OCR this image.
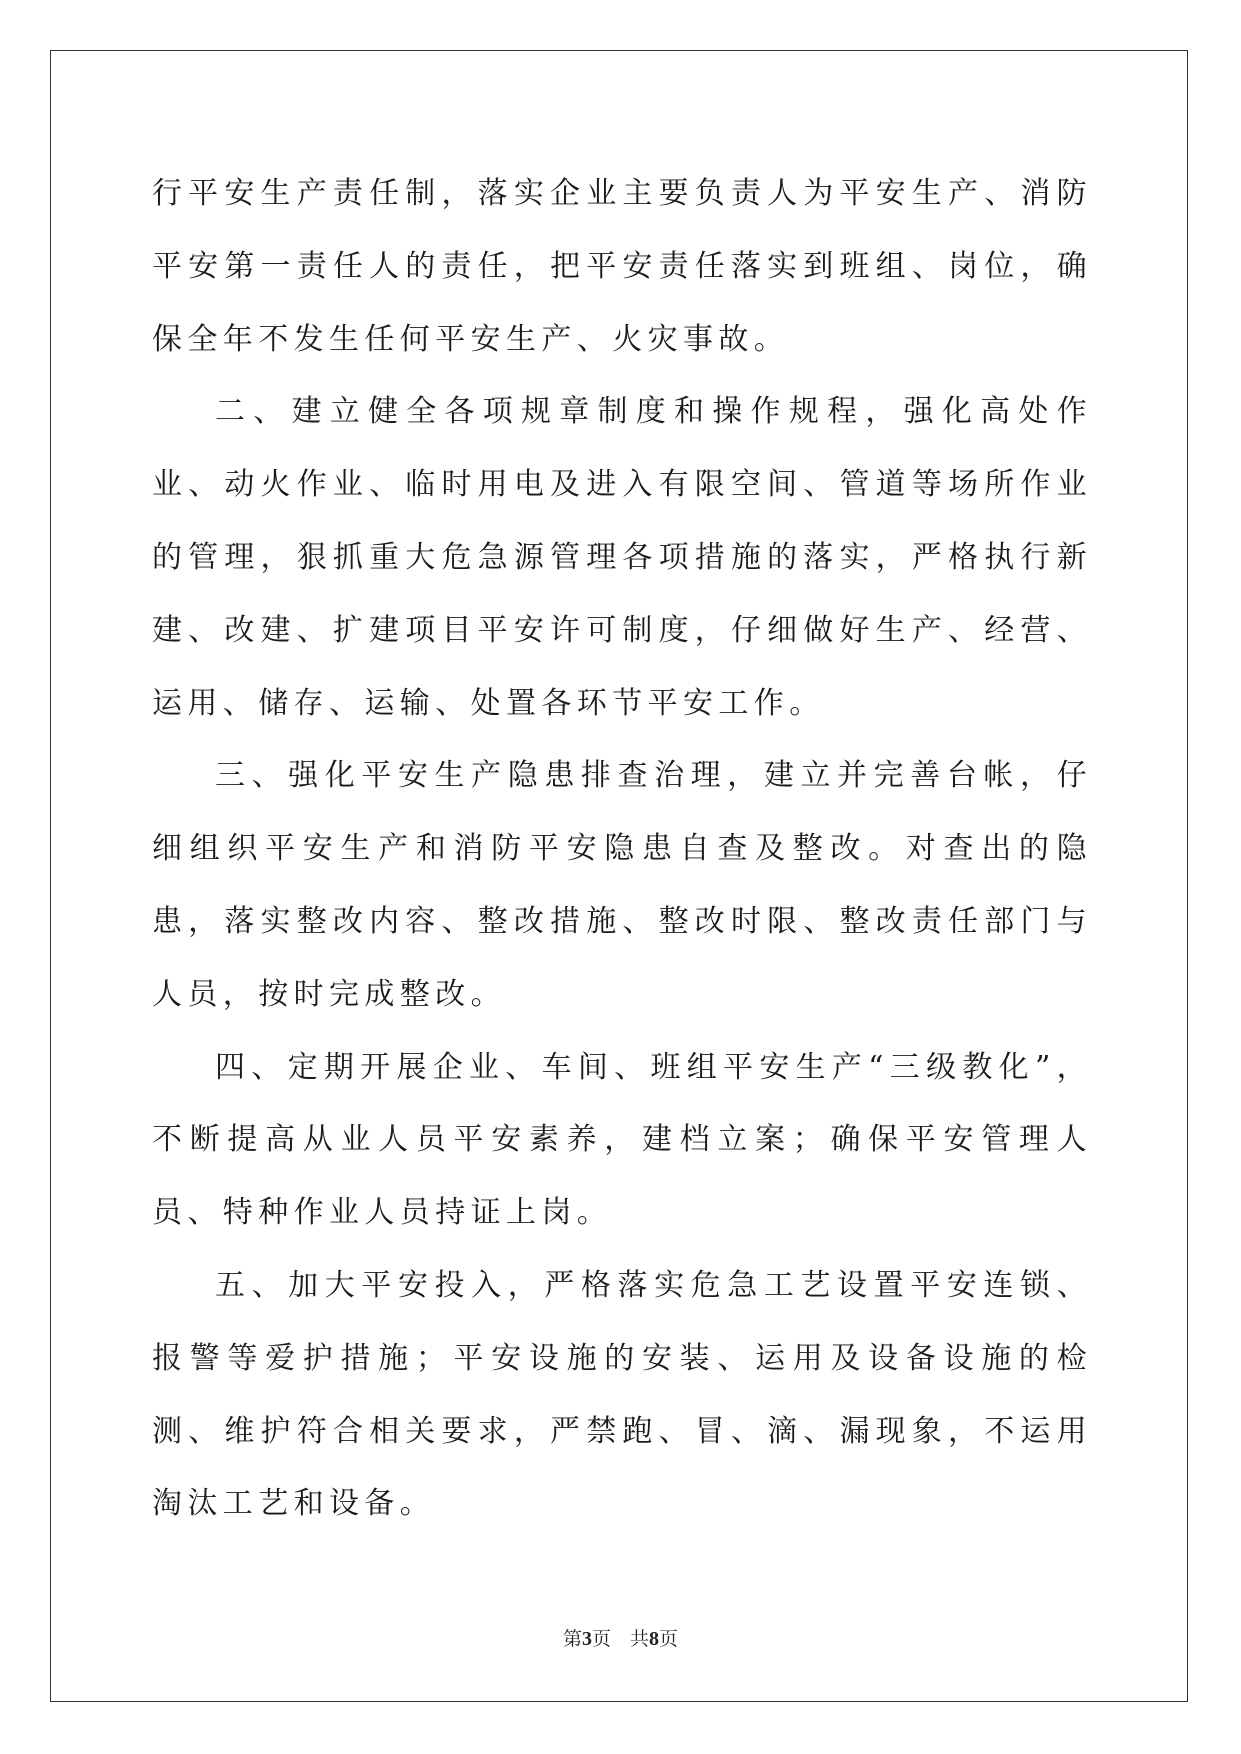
行平安生产责任制，落实企业主要负责人为平安生产、消防平安第一责任人的责任，把平安责任落实到班组、岗位，确保全年不发生任何平安生产、火灾事故。

二、建立健全各项规章制度和操作规程，强化高处作业、动火作业、临时用电及进入有限空间、管道等场所作业的管理，狠抓重大危急源管理各项措施的落实，严格执行新建、改建、扩建项目平安许可制度，仔细做好生产、经营、运用、储存、运输、处置各环节平安工作。

三、强化平安生产隐患排查治理，建立并完善台帐，仔细组织平安生产和消防平安隐患自查及整改。对查出的隐患，落实整改内容、整改措施、整改时限、整改责任部门与人员，按时完成整改。

四、定期开展企业、车间、班组平安生产“三级教化”，不断提高从业人员平安素养，建档立案；确保平安管理人员、特种作业人员持证上岗。

五、加大平安投入，严格落实危急工艺设置平安连锁、报警等爱护措施；平安设施的安装、运用及设备设施的检测、维护符合相关要求，严禁跑、冒、滴、漏现象，不运用淘汰工艺和设备。

第3页　共8页
